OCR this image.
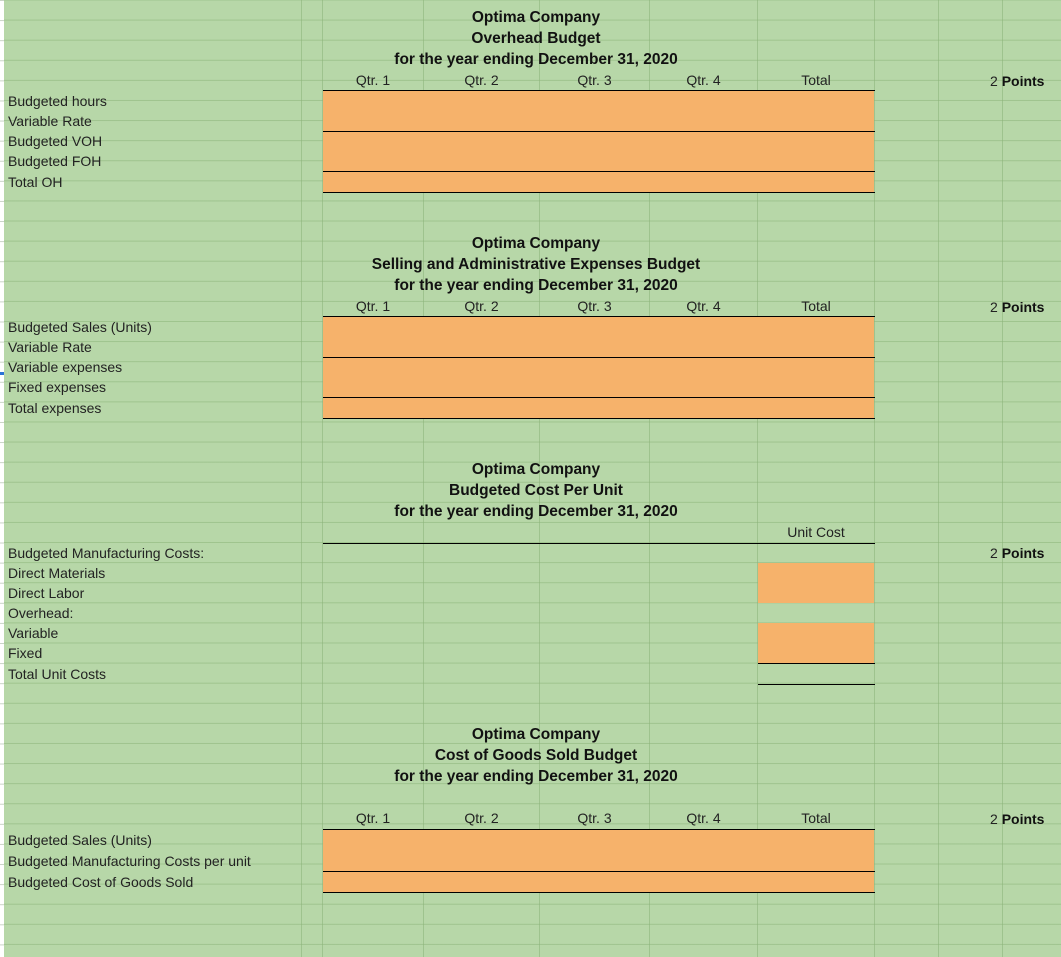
Optima Company
Overhead Budget
for the year ending December 31, 2020
Qtr. 1	Qtr. 2	Qtr. 3	Qtr. 4	Total	2 Points
Budgeted hours
Variable Rate
Budgeted VOH
Budgeted FOH
Total OH
Optima Company
Selling and Administrative Expenses Budget
for the year ending December 31, 2020
Qtr. 1	Qtr. 2	Qtr. 3	Qtr. 4	Total	2 Points
Budgeted Sales (Units)
Variable Rate
Variable expenses
Fixed expenses
Total expenses
Optima Company
Budgeted Cost Per Unit
for the year ending December 31, 2020
Unit Cost
2 Points
Budgeted Manufacturing Costs:
Direct Materials
Direct Labor
Overhead:
Variable
Fixed
Total Unit Costs
Optima Company
Cost of Goods Sold Budget
for the year ending December 31, 2020
Qtr. 1	Qtr. 2	Qtr. 3	Qtr. 4	Total	2 Points
Budgeted Sales (Units)
Budgeted Manufacturing Costs per unit
Budgeted Cost of Goods Sold
